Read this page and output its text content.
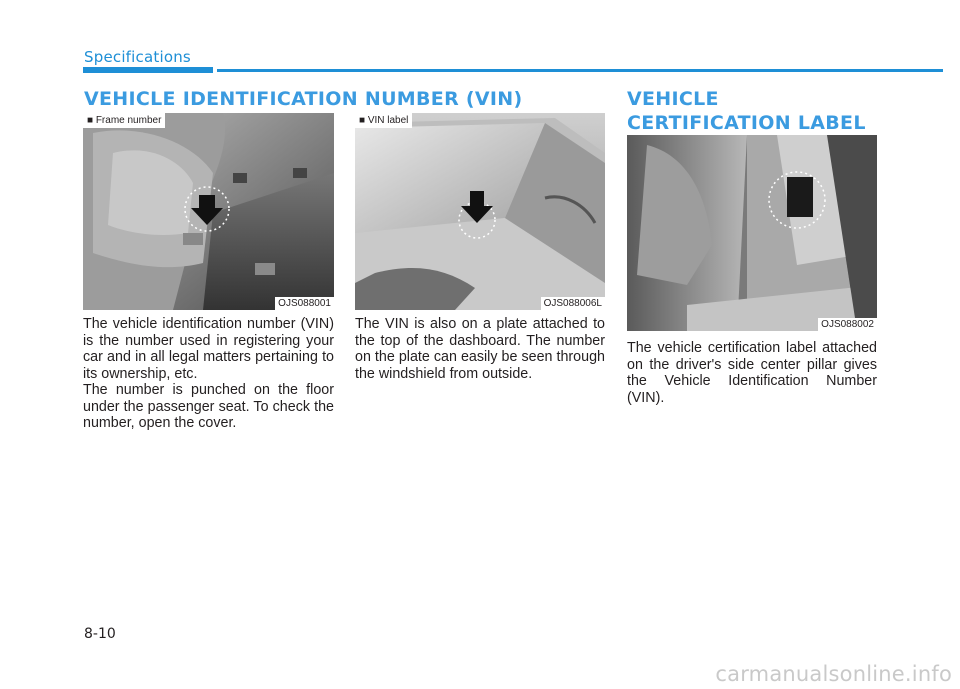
Specifications
VEHICLE IDENTIFICATION NUMBER (VIN)	VEHICLE CERTIFICATION LABEL
■ Frame number
OJS088001
■ VIN label
OJS088006L
OJS088002

The vehicle identification number (VIN) is the number used in registering your car and in all legal matters pertaining to its ownership, etc.

The number is punched on the floor under the passenger seat. To check the number, open the cover.

The VIN is also on a plate attached to the top of the dashboard. The number on the plate can easily be seen through the windshield from outside.

The vehicle certification label attached on the driver's side center pillar gives the Vehicle Identification Number (VIN).

8-10
carmanualsonline.info
